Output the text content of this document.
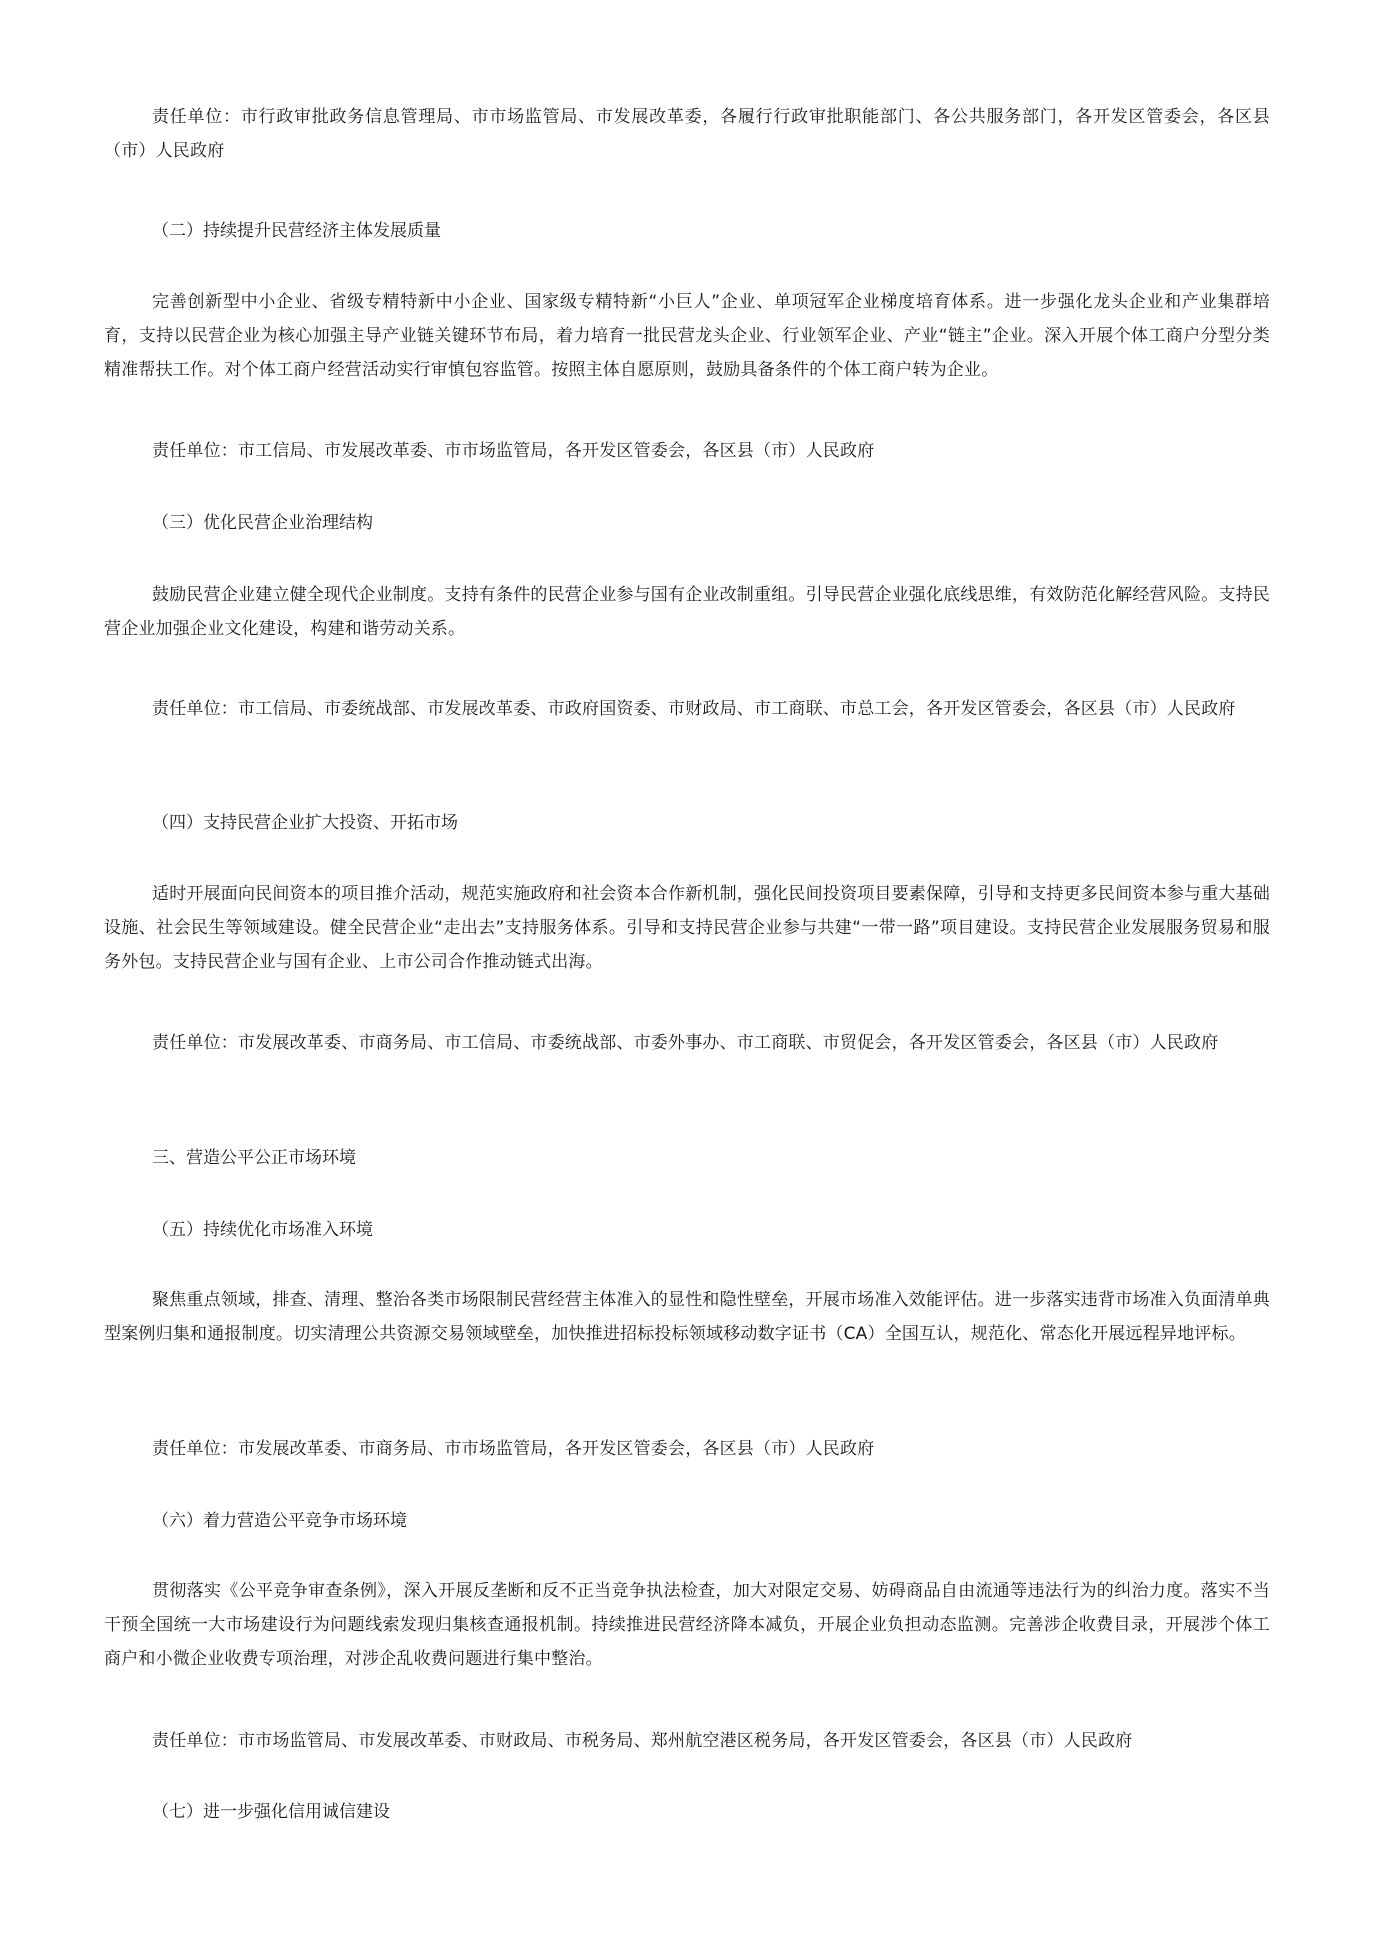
责任单位：市行政审批政务信息管理局、市市场监管局、市发展改革委，各履行行政审批职能部门、各公共服务部门，各开发区管委会，各区县（市）人民政府

（二）持续提升民营经济主体发展质量

完善创新型中小企业、省级专精特新中小企业、国家级专精特新“小巨人”企业、单项冠军企业梯度培育体系。进一步强化龙头企业和产业集群培育，支持以民营企业为核心加强主导产业链关键环节布局，着力培育一批民营龙头企业、行业领军企业、产业“链主”企业。深入开展个体工商户分型分类精准帮扶工作。对个体工商户经营活动实行审慎包容监管。按照主体自愿原则，鼓励具备条件的个体工商户转为企业。

责任单位：市工信局、市发展改革委、市市场监管局，各开发区管委会，各区县（市）人民政府

（三）优化民营企业治理结构

鼓励民营企业建立健全现代企业制度。支持有条件的民营企业参与国有企业改制重组。引导民营企业强化底线思维，有效防范化解经营风险。支持民营企业加强企业文化建设，构建和谐劳动关系。

责任单位：市工信局、市委统战部、市发展改革委、市政府国资委、市财政局、市工商联、市总工会，各开发区管委会，各区县（市）人民政府

（四）支持民营企业扩大投资、开拓市场

适时开展面向民间资本的项目推介活动，规范实施政府和社会资本合作新机制，强化民间投资项目要素保障，引导和支持更多民间资本参与重大基础设施、社会民生等领域建设。健全民营企业“走出去”支持服务体系。引导和支持民营企业参与共建“一带一路”项目建设。支持民营企业发展服务贸易和服务外包。支持民营企业与国有企业、上市公司合作推动链式出海。

责任单位：市发展改革委、市商务局、市工信局、市委统战部、市委外事办、市工商联、市贸促会，各开发区管委会，各区县（市）人民政府

三、营造公平公正市场环境

（五）持续优化市场准入环境

聚焦重点领域，排查、清理、整治各类市场限制民营经营主体准入的显性和隐性壁垒，开展市场准入效能评估。进一步落实违背市场准入负面清单典型案例归集和通报制度。切实清理公共资源交易领域壁垒，加快推进招标投标领域移动数字证书（CA）全国互认，规范化、常态化开展远程异地评标。

责任单位：市发展改革委、市商务局、市市场监管局，各开发区管委会，各区县（市）人民政府

（六）着力营造公平竞争市场环境

贯彻落实《公平竞争审查条例》，深入开展反垄断和反不正当竞争执法检查，加大对限定交易、妨碍商品自由流通等违法行为的纠治力度。落实不当干预全国统一大市场建设行为问题线索发现归集核查通报机制。持续推进民营经济降本减负，开展企业负担动态监测。完善涉企收费目录，开展涉个体工商户和小微企业收费专项治理，对涉企乱收费问题进行集中整治。

责任单位：市市场监管局、市发展改革委、市财政局、市税务局、郑州航空港区税务局，各开发区管委会，各区县（市）人民政府

（七）进一步强化信用诚信建设
